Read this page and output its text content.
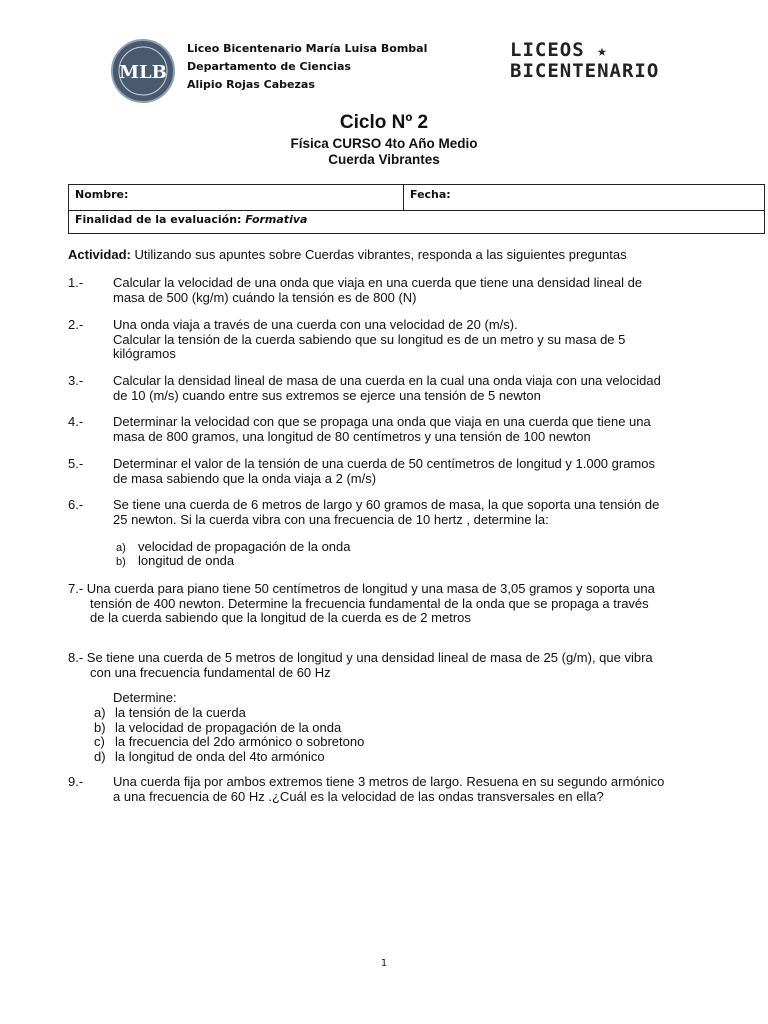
MLB
Liceo Bicentenario María Luisa Bombal
Departamento de Ciencias
Alipio Rojas Cabezas
LICEOS ★
BICENTENARIO
Ciclo Nº 2
Física CURSO 4to Año Medio
Cuerda Vibrantes
Nombre:	Fecha:
Finalidad de la evaluación: Formativa
Actividad: Utilizando sus apuntes sobre Cuerdas vibrantes, responda a las siguientes preguntas
1.- Calcular la velocidad de una onda que viaja en una cuerda que tiene una densidad lineal de
masa de 500 (kg/m) cuándo la tensión es de 800 (N)
2.- Una onda viaja a través de una cuerda con una velocidad de 20 (m/s).
Calcular la tensión de la cuerda sabiendo que su longitud es de un metro y su masa de 5
kilógramos
3.- Calcular la densidad lineal de masa de una cuerda en la cual una onda viaja con una velocidad
de 10 (m/s) cuando entre sus extremos se ejerce una tensión de 5 newton
4.- Determinar la velocidad con que se propaga una onda que viaja en una cuerda que tiene una
masa de 800 gramos, una longitud de 80 centímetros y una tensión de 100 newton
5.- Determinar el valor de la tensión de una cuerda de 50 centímetros de longitud y 1.000 gramos
de masa sabiendo que la onda viaja a 2 (m/s)
6.- Se tiene una cuerda de 6 metros de largo y 60 gramos de masa, la que soporta una tensión de
25 newton. Si la cuerda vibra con una frecuencia de 10 hertz , determine la:
a) velocidad de propagación de la onda
b) longitud de onda
7.- Una cuerda para piano tiene 50 centímetros de longitud y una masa de 3,05 gramos y soporta una
tensión de 400 newton. Determine la frecuencia fundamental de la onda que se propaga a través
de la cuerda sabiendo que la longitud de la cuerda es de 2 metros
8.- Se tiene una cuerda de 5 metros de longitud y una densidad lineal de masa de 25 (g/m), que vibra
con una frecuencia fundamental de 60 Hz
Determine:
a) la tensión de la cuerda
b) la velocidad de propagación de la onda
c) la frecuencia del 2do armónico o sobretono
d) la longitud de onda del 4to armónico
9.- Una cuerda fija por ambos extremos tiene 3 metros de largo. Resuena en su segundo armónico
a una frecuencia de 60 Hz .¿Cuál es la velocidad de las ondas transversales en ella?
1
